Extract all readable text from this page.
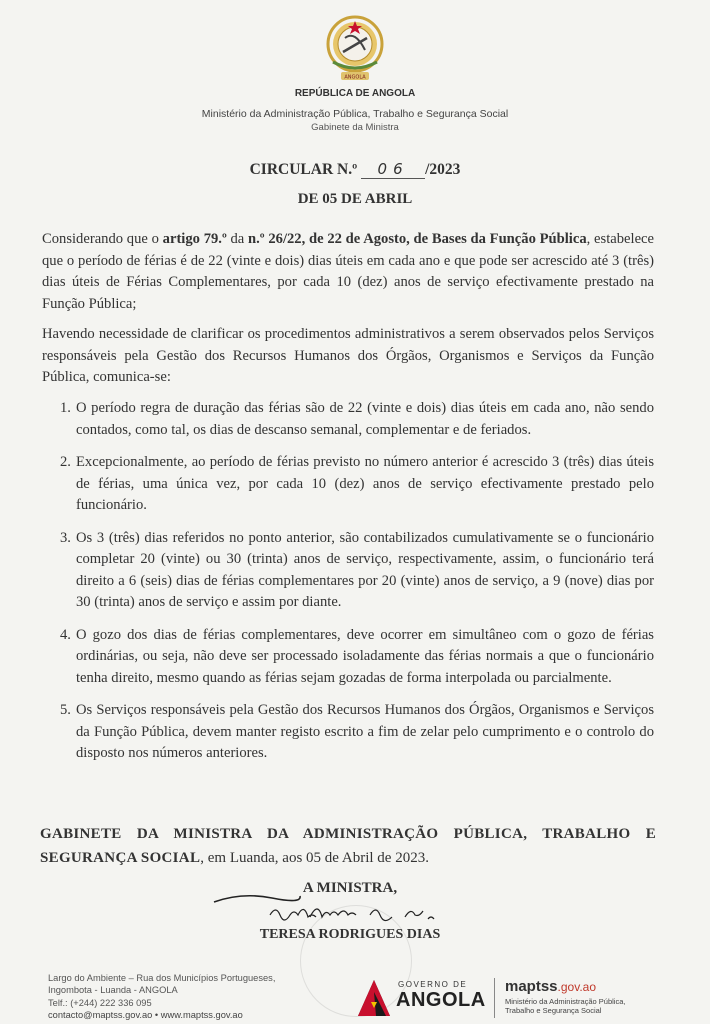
ANGOLA
REPÚBLICA DE ANGOLA
Ministério da Administração Pública, Trabalho e Segurança Social
Gabinete da Ministra
CIRCULAR N.º 06 /2023
DE 05 DE ABRIL
Considerando que o artigo 79.º da n.º 26/22, de 22 de Agosto, de Bases da Função Pública, estabelece que o período de férias é de 22 (vinte e dois) dias úteis em cada ano e que pode ser acrescido até 3 (três) dias úteis de Férias Complementares, por cada 10 (dez) anos de serviço efectivamente prestado na Função Pública;
Havendo necessidade de clarificar os procedimentos administrativos a serem observados pelos Serviços responsáveis pela Gestão dos Recursos Humanos dos Órgãos, Organismos e Serviços da Função Pública, comunica-se:
1. O período regra de duração das férias são de 22 (vinte e dois) dias úteis em cada ano, não sendo contados, como tal, os dias de descanso semanal, complementar e de feriados.
2. Excepcionalmente, ao período de férias previsto no número anterior é acrescido 3 (três) dias úteis de férias, uma única vez, por cada 10 (dez) anos de serviço efectivamente prestado pelo funcionário.
3. Os 3 (três) dias referidos no ponto anterior, são contabilizados cumulativamente se o funcionário completar 20 (vinte) ou 30 (trinta) anos de serviço, respectivamente, assim, o funcionário terá direito a 6 (seis) dias de férias complementares por 20 (vinte) anos de serviço, a 9 (nove) dias por 30 (trinta) anos de serviço e assim por diante.
4. O gozo dos dias de férias complementares, deve ocorrer em simultâneo com o gozo de férias ordinárias, ou seja, não deve ser processado isoladamente das férias normais a que o funcionário tenha direito, mesmo quando as férias sejam gozadas de forma interpolada ou parcialmente.
5. Os Serviços responsáveis pela Gestão dos Recursos Humanos dos Órgãos, Organismos e Serviços da Função Pública, devem manter registo escrito a fim de zelar pelo cumprimento e o controlo do disposto nos números anteriores.
GABINETE DA MINISTRA DA ADMINISTRAÇÃO PÚBLICA, TRABALHO E SEGURANÇA SOCIAL, em Luanda, aos 05 de Abril de 2023.
A MINISTRA,
TERESA RODRIGUES DIAS
Largo do Ambiente – Rua dos Municípios Portugueses,
Ingombota - Luanda - ANGOLA
Telf.: (+244) 222 336 095
contacto@maptss.gov.ao • www.maptss.gov.ao
GOVERNO DE
ANGOLA
maptss.gov.ao
Ministério da Administração Pública,
Trabalho e Segurança Social
